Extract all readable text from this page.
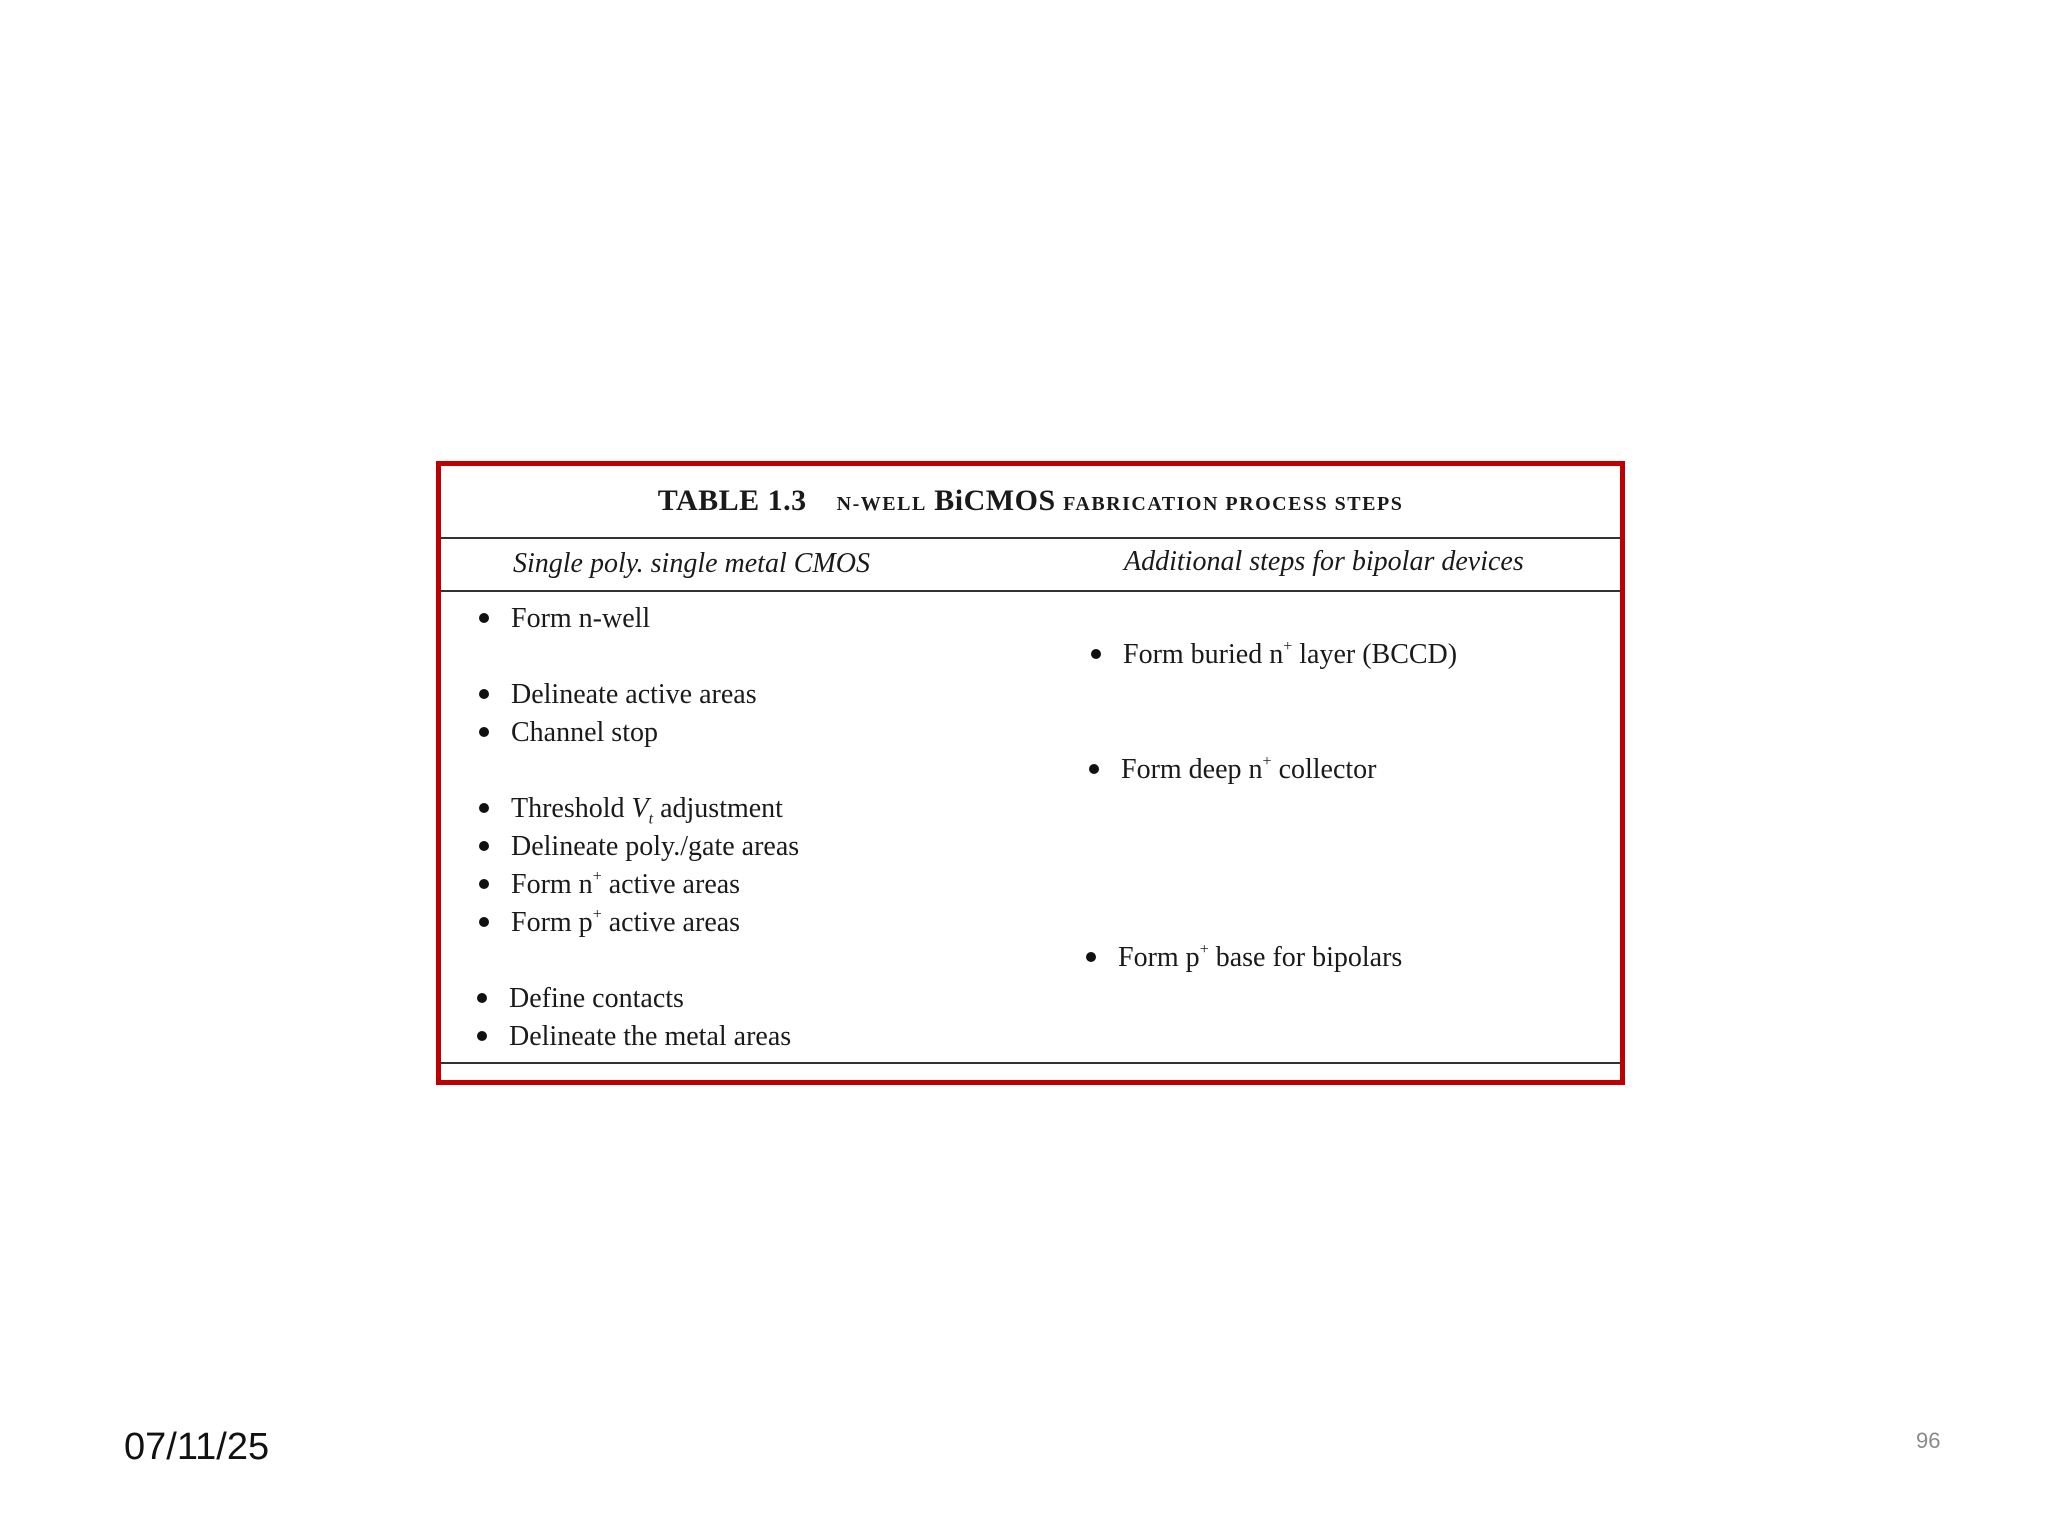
TABLE 1.3 N-WELL BiCMOS FABRICATION PROCESS STEPS
Single poly. single metal CMOS	Additional steps for bipolar devices
Form n-well
Delineate active areas
Channel stop
Threshold $V_t$ adjustment
Delineate poly./gate areas
Form n+ active areas
Form p+ active areas
Define contacts
Delineate the metal areas
Form buried n+ layer (BCCD)
Form deep n+ collector
Form p+ base for bipolars
07/11/25	96
